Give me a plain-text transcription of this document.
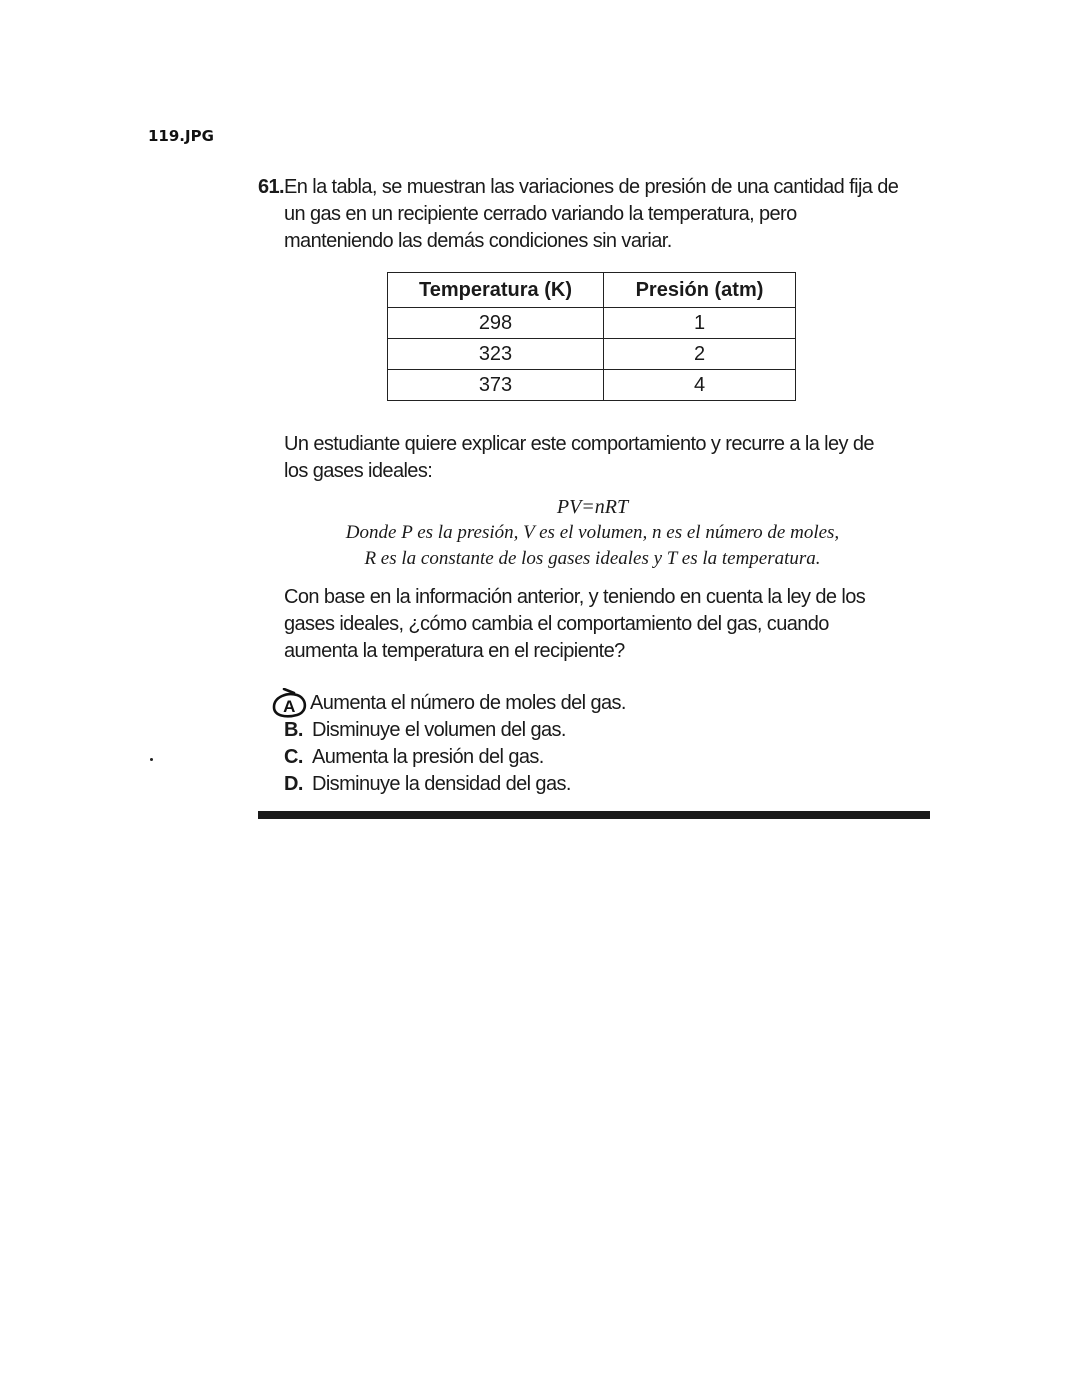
119.JPG
61.En la tabla, se muestran las variaciones de presión de una cantidad fija de
un gas en un recipiente cerrado variando la temperatura, pero
manteniendo las demás condiciones sin variar.
Temperatura (K)	Presión (atm)
298	1
323	2
373	4
Un estudiante quiere explicar este comportamiento y recurre a la ley de
los gases ideales:
PV=nRT
Donde P es la presión, V es el volumen, n es el número de moles,
R es la constante de los gases ideales y T es la temperatura.
Con base en la información anterior, y teniendo en cuenta la ley de los
gases ideales, ¿cómo cambia el comportamiento del gas, cuando
aumenta la temperatura en el recipiente?
A Aumenta el número de moles del gas.
B. Disminuye el volumen del gas.
C. Aumenta la presión del gas.
D. Disminuye la densidad del gas.
